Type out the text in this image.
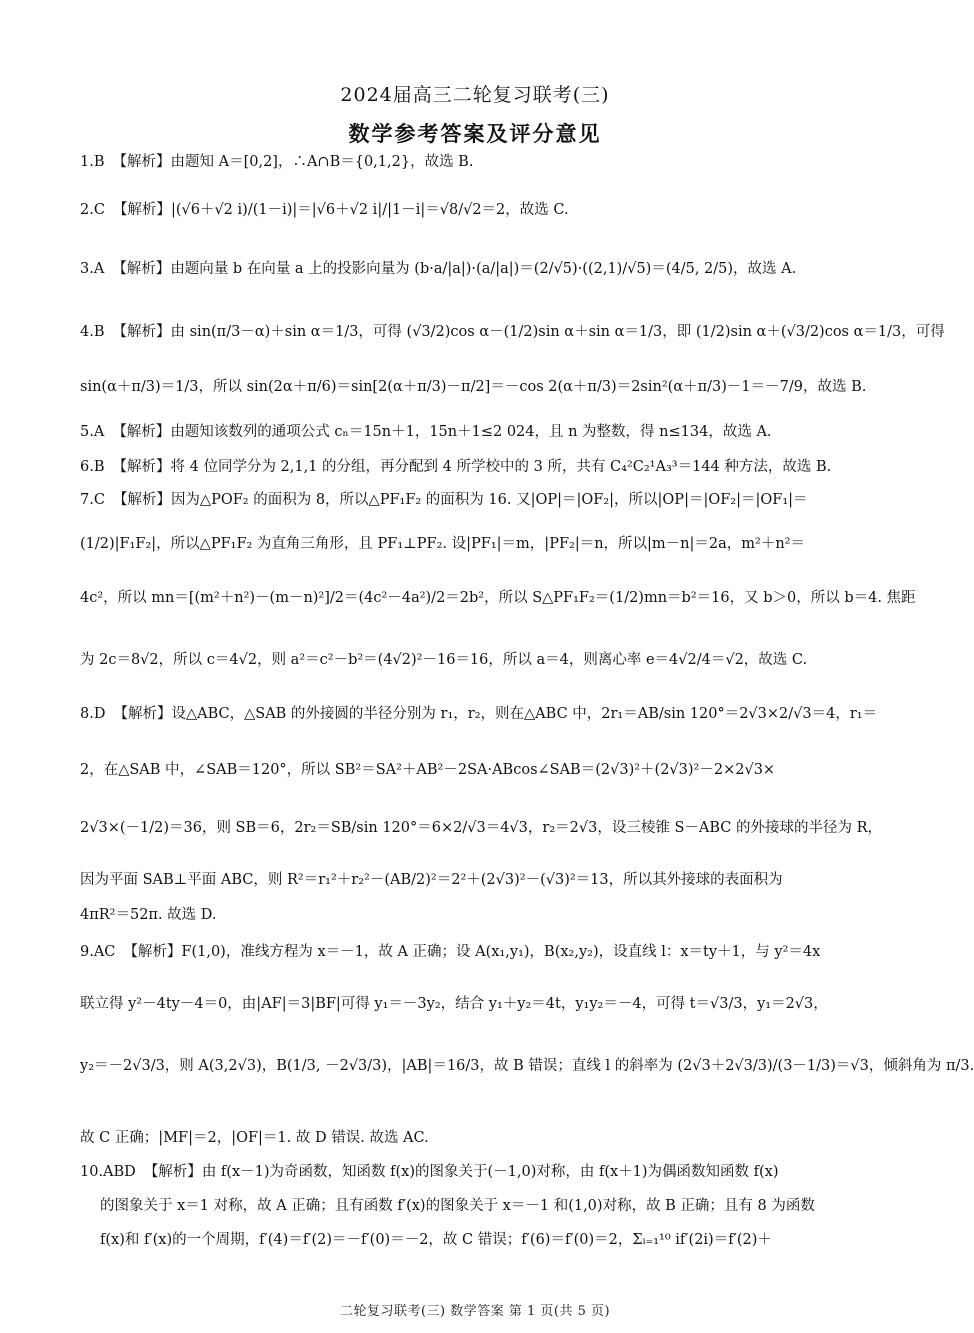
2024届高三二轮复习联考(三)
数学参考答案及评分意见
1.B 【解析】由题知 A＝[0,2]，∴A∩B＝{0,1,2}，故选 B.
2.C 【解析】|(√6＋√2 i)/(1－i)|＝|√6＋√2 i|/|1－i|＝√8/√2＝2，故选 C.
3.A 【解析】由题向量 b 在向量 a 上的投影向量为 (b·a/|a|)·(a/|a|)＝(2/√5)·((2,1)/√5)＝(4/5, 2/5)，故选 A.
4.B 【解析】由 sin(π/3－α)＋sin α＝1/3，可得 (√3/2)cos α－(1/2)sin α＋sin α＝1/3，即 (1/2)sin α＋(√3/2)cos α＝1/3，可得
sin(α＋π/3)＝1/3，所以 sin(2α＋π/6)＝sin[2(α＋π/3)－π/2]＝－cos 2(α＋π/3)＝2sin²(α＋π/3)－1＝－7/9，故选 B.
5.A 【解析】由题知该数列的通项公式 cₙ＝15n＋1，15n＋1≤2 024，且 n 为整数，得 n≤134，故选 A.
6.B 【解析】将 4 位同学分为 2,1,1 的分组，再分配到 4 所学校中的 3 所，共有 C₄²C₂¹A₃³＝144 种方法，故选 B.
7.C 【解析】因为△POF₂ 的面积为 8，所以△PF₁F₂ 的面积为 16. 又|OP|＝|OF₂|，所以|OP|＝|OF₂|＝|OF₁|＝
(1/2)|F₁F₂|，所以△PF₁F₂ 为直角三角形，且 PF₁⊥PF₂. 设|PF₁|＝m，|PF₂|＝n，所以|m－n|＝2a，m²＋n²＝
4c²，所以 mn＝[(m²＋n²)－(m－n)²]/2＝(4c²－4a²)/2＝2b²，所以 S△PF₁F₂＝(1/2)mn＝b²＝16，又 b＞0，所以 b＝4. 焦距
为 2c＝8√2，所以 c＝4√2，则 a²＝c²－b²＝(4√2)²－16＝16，所以 a＝4，则离心率 e＝4√2/4＝√2，故选 C.
8.D 【解析】设△ABC，△SAB 的外接圆的半径分别为 r₁，r₂，则在△ABC 中，2r₁＝AB/sin 120°＝2√3×2/√3＝4，r₁＝
2，在△SAB 中，∠SAB＝120°，所以 SB²＝SA²＋AB²－2SA·ABcos∠SAB＝(2√3)²＋(2√3)²－2×2√3×
2√3×(－1/2)＝36，则 SB＝6，2r₂＝SB/sin 120°＝6×2/√3＝4√3，r₂＝2√3，设三棱锥 S－ABC 的外接球的半径为 R，
因为平面 SAB⊥平面 ABC，则 R²＝r₁²＋r₂²－(AB/2)²＝2²＋(2√3)²－(√3)²＝13，所以其外接球的表面积为
4πR²＝52π. 故选 D.
9.AC 【解析】F(1,0)，准线方程为 x＝－1，故 A 正确；设 A(x₁,y₁)，B(x₂,y₂)，设直线 l：x＝ty＋1，与 y²＝4x
联立得 y²－4ty－4＝0，由|AF|＝3|BF|可得 y₁＝－3y₂，结合 y₁＋y₂＝4t，y₁y₂＝－4，可得 t＝√3/3，y₁＝2√3，
y₂＝－2√3/3，则 A(3,2√3)，B(1/3, －2√3/3)，|AB|＝16/3，故 B 错误；直线 l 的斜率为 (2√3＋2√3/3)/(3－1/3)＝√3，倾斜角为 π/3.
故 C 正确；|MF|＝2，|OF|＝1. 故 D 错误. 故选 AC.
10.ABD 【解析】由 f(x－1)为奇函数，知函数 f(x)的图象关于(－1,0)对称，由 f(x＋1)为偶函数知函数 f(x)
的图象关于 x＝1 对称，故 A 正确；且有函数 f′(x)的图象关于 x＝－1 和(1,0)对称，故 B 正确；且有 8 为函数
f(x)和 f′(x)的一个周期，f′(4)＝f′(2)＝－f′(0)＝－2，故 C 错误；f′(6)＝f′(0)＝2，Σᵢ₌₁¹⁰ if′(2i)＝f′(2)＋
二轮复习联考(三) 数学答案 第 1 页(共 5 页)
